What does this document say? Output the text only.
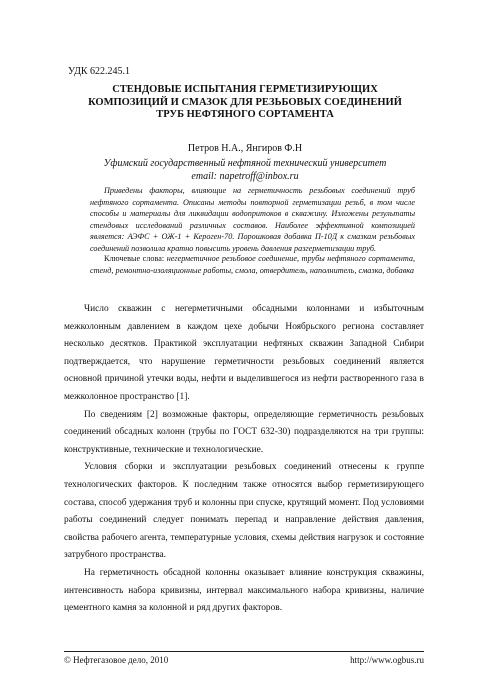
УДК 622.245.1
СТЕНДОВЫЕ ИСПЫТАНИЯ ГЕРМЕТИЗИРУЮЩИХ
КОМПОЗИЦИЙ И СМАЗОК ДЛЯ РЕЗЬБОВЫХ СОЕДИНЕНИЙ
ТРУБ НЕФТЯНОГО СОРТАМЕНТА
Петров Н.А., Янгиров Ф.Н
Уфимский государственный нефтяной технический университет
email: napetroff@inbox.ru

Приведены факторы, влияющие на герметичность резьбовых соединений труб нефтяного сортамента. Описаны методы повторной герметизации резьб, в том числе способы и материалы для ликвидации водопритоков в скважину. Изложены результаты стендовых исследований различных составов. Наиболее эффективной композицией является: АЭФС + ОЖ-1 + Кероген-70. Порошковая добавка П-10Д к смазкам резьбовых соединений позволила кратно повысить уровень давления разгерметизации труб.

Ключевые слова: негерметичное резьбовое соединение, трубы нефтяного сортамента, стенд, ремонтно-изоляционные работы, смола, отвердитель, наполнитель, смазка, добавка

Число скважин с негерметичными обсадными колоннами и избыточным межколонным давлением в каждом цехе добычи Ноябрьского региона составляет несколько десятков. Практикой эксплуатации нефтяных скважин Западной Сибири подтверждается, что нарушение герметичности резьбовых соединений является основной причиной утечки воды, нефти и выделившегося из нефти растворенного газа в межколонное пространство [1].

По сведениям [2] возможные факторы, определяющие герметичность резьбовых соединений обсадных колонн (трубы по ГОСТ 632-30) подразделяются на три группы: конструктивные, технические и технологические.

Условия сборки и эксплуатации резьбовых соединений отнесены к группе технологических факторов. К последним также относятся выбор герметизирующего состава, способ удержания труб и колонны при спуске, крутящий момент. Под условиями работы соединений следует понимать перепад и направление действия давления, свойства рабочего агента, температурные условия, схемы действия нагрузок и состояние затрубного пространства.

На герметичность обсадной колонны оказывает влияние конструкция скважины, интенсивность набора кривизны, интервал максимального набора кривизны, наличие цементного камня за колонной и ряд других факторов.

© Нефтегазовое дело, 2010	http://www.ogbus.ru
